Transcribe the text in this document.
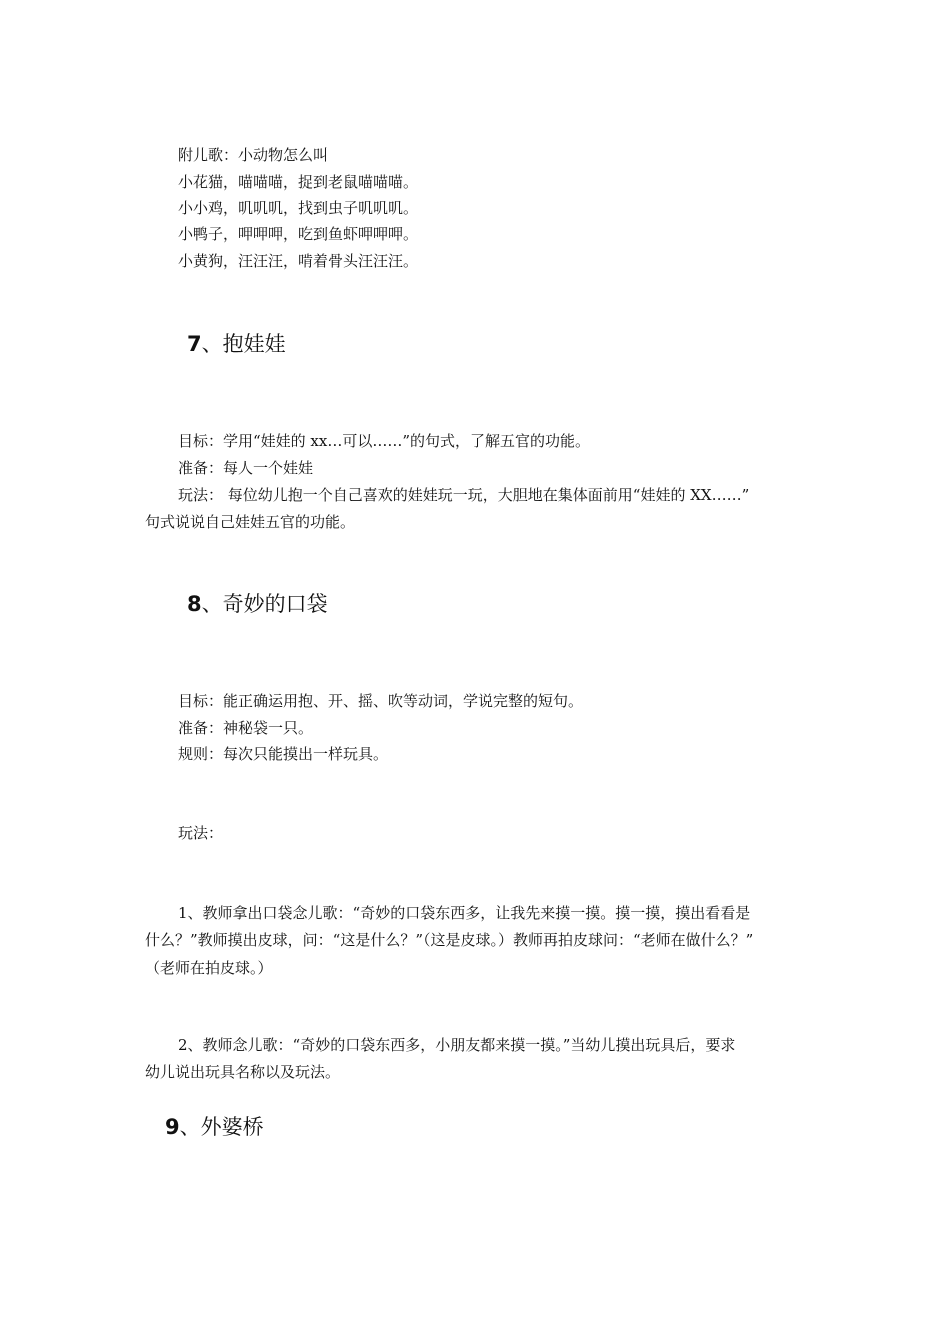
附儿歌：小动物怎么叫
小花猫，喵喵喵，捉到老鼠喵喵喵。
小小鸡，叽叽叽，找到虫子叽叽叽。
小鸭子，呷呷呷，吃到鱼虾呷呷呷。
小黄狗，汪汪汪，啃着骨头汪汪汪。
7、抱娃娃
目标：学用“娃娃的 xx…可以……”的句式，了解五官的功能。
准备：每人一个娃娃
玩法： 每位幼儿抱一个自己喜欢的娃娃玩一玩，大胆地在集体面前用“娃娃的 XX……”
句式说说自己娃娃五官的功能。
8、奇妙的口袋
目标：能正确运用抱、开、摇、吹等动词，学说完整的短句。
准备：神秘袋一只。
规则：每次只能摸出一样玩具。
玩法：
1、教师拿出口袋念儿歌：“奇妙的口袋东西多，让我先来摸一摸。摸一摸，摸出看看是
什么？”教师摸出皮球，问：“这是什么？”（这是皮球。）教师再拍皮球问：“老师在做什么？”
（老师在拍皮球。）
2、教师念儿歌：“奇妙的口袋东西多，小朋友都来摸一摸。”当幼儿摸出玩具后，要求
幼儿说出玩具名称以及玩法。
9、外婆桥
